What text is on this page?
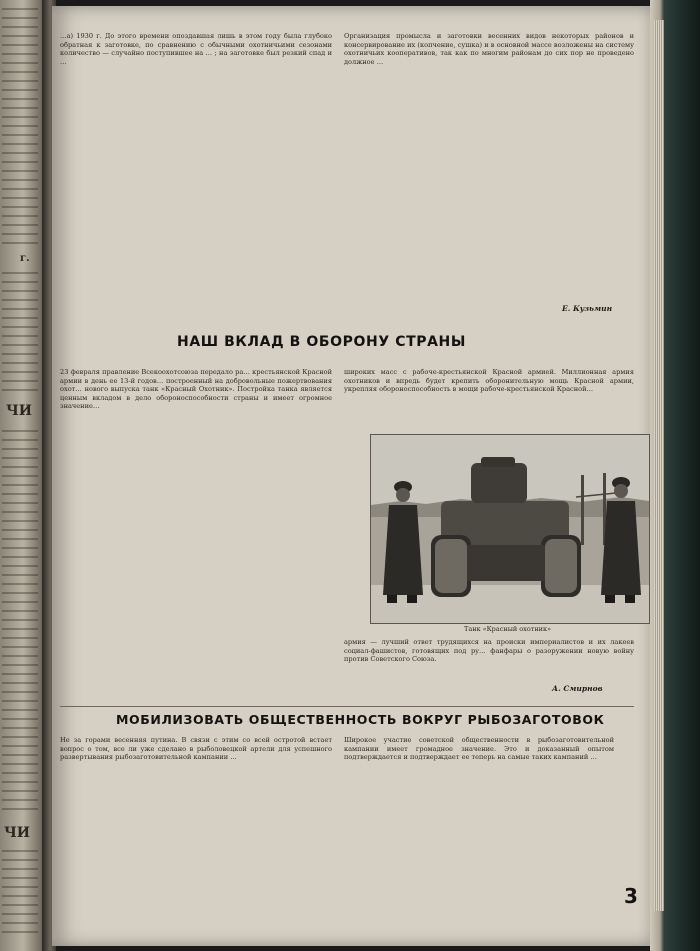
г.
ЧИ
ЧИ

…а) 1930 г. До этого времени опоздавшая лишь в этом году была глубоко обратная к заготовке, по сравнению с обычными охотничьими сезонами количество — случайно поступившее на … ; на заготовке был резкий спад и …

Организация промысла и заготовки весенних видов некоторых районов и консервирование их (копчение, сушка) и в основной массе возложены на систему охотничьих кооперативов, так как по многим районам до сих пор не проведено должное …

Е. Кузьмин
НАШ ВКЛАД В ОБОРОНУ СТРАНЫ

23 февраля правление Всекоохотсоюза передало ра… крестьянской Красной армии в день ее 13-й годов… построенный на добровольные пожертвования охот… нового выпуска танк «Красный Охотник». Постройка танка является ценным вкладом в дело обороноспособности страны и имеет огромное значение…

широких масс с рабоче-крестьянской Красной армией. Миллионная армия охотников и впредь будет крепить оборонительную мощь Красной армии, укрепляя обороноспособность в мощи рабоче-крестьянской Красной…

Танк «Красный охотник»

армия — лучший ответ трудящихся на происки империалистов и их лакеев социал-фашистов, готовящих под ру… фанфары о разоружении новую войну против Советского Союза.

А. Смирнов
МОБИЛИЗОВАТЬ ОБЩЕСТВЕННОСТЬ ВОКРУГ РЫБОЗАГОТОВОК

Не за горами весенняя путина. В связи с этим со всей остротой встает вопрос о том, все ли уже сделано в рыболовецкой артели для успешного развертывания рыбозаготовительной кампании …

Широкое участие советской общественности в рыбозаготовительной кампании имеет громадное значение. Это и доказанный опытом подтверждается и подтверждает ее теперь на самые таких кампаний …

3
